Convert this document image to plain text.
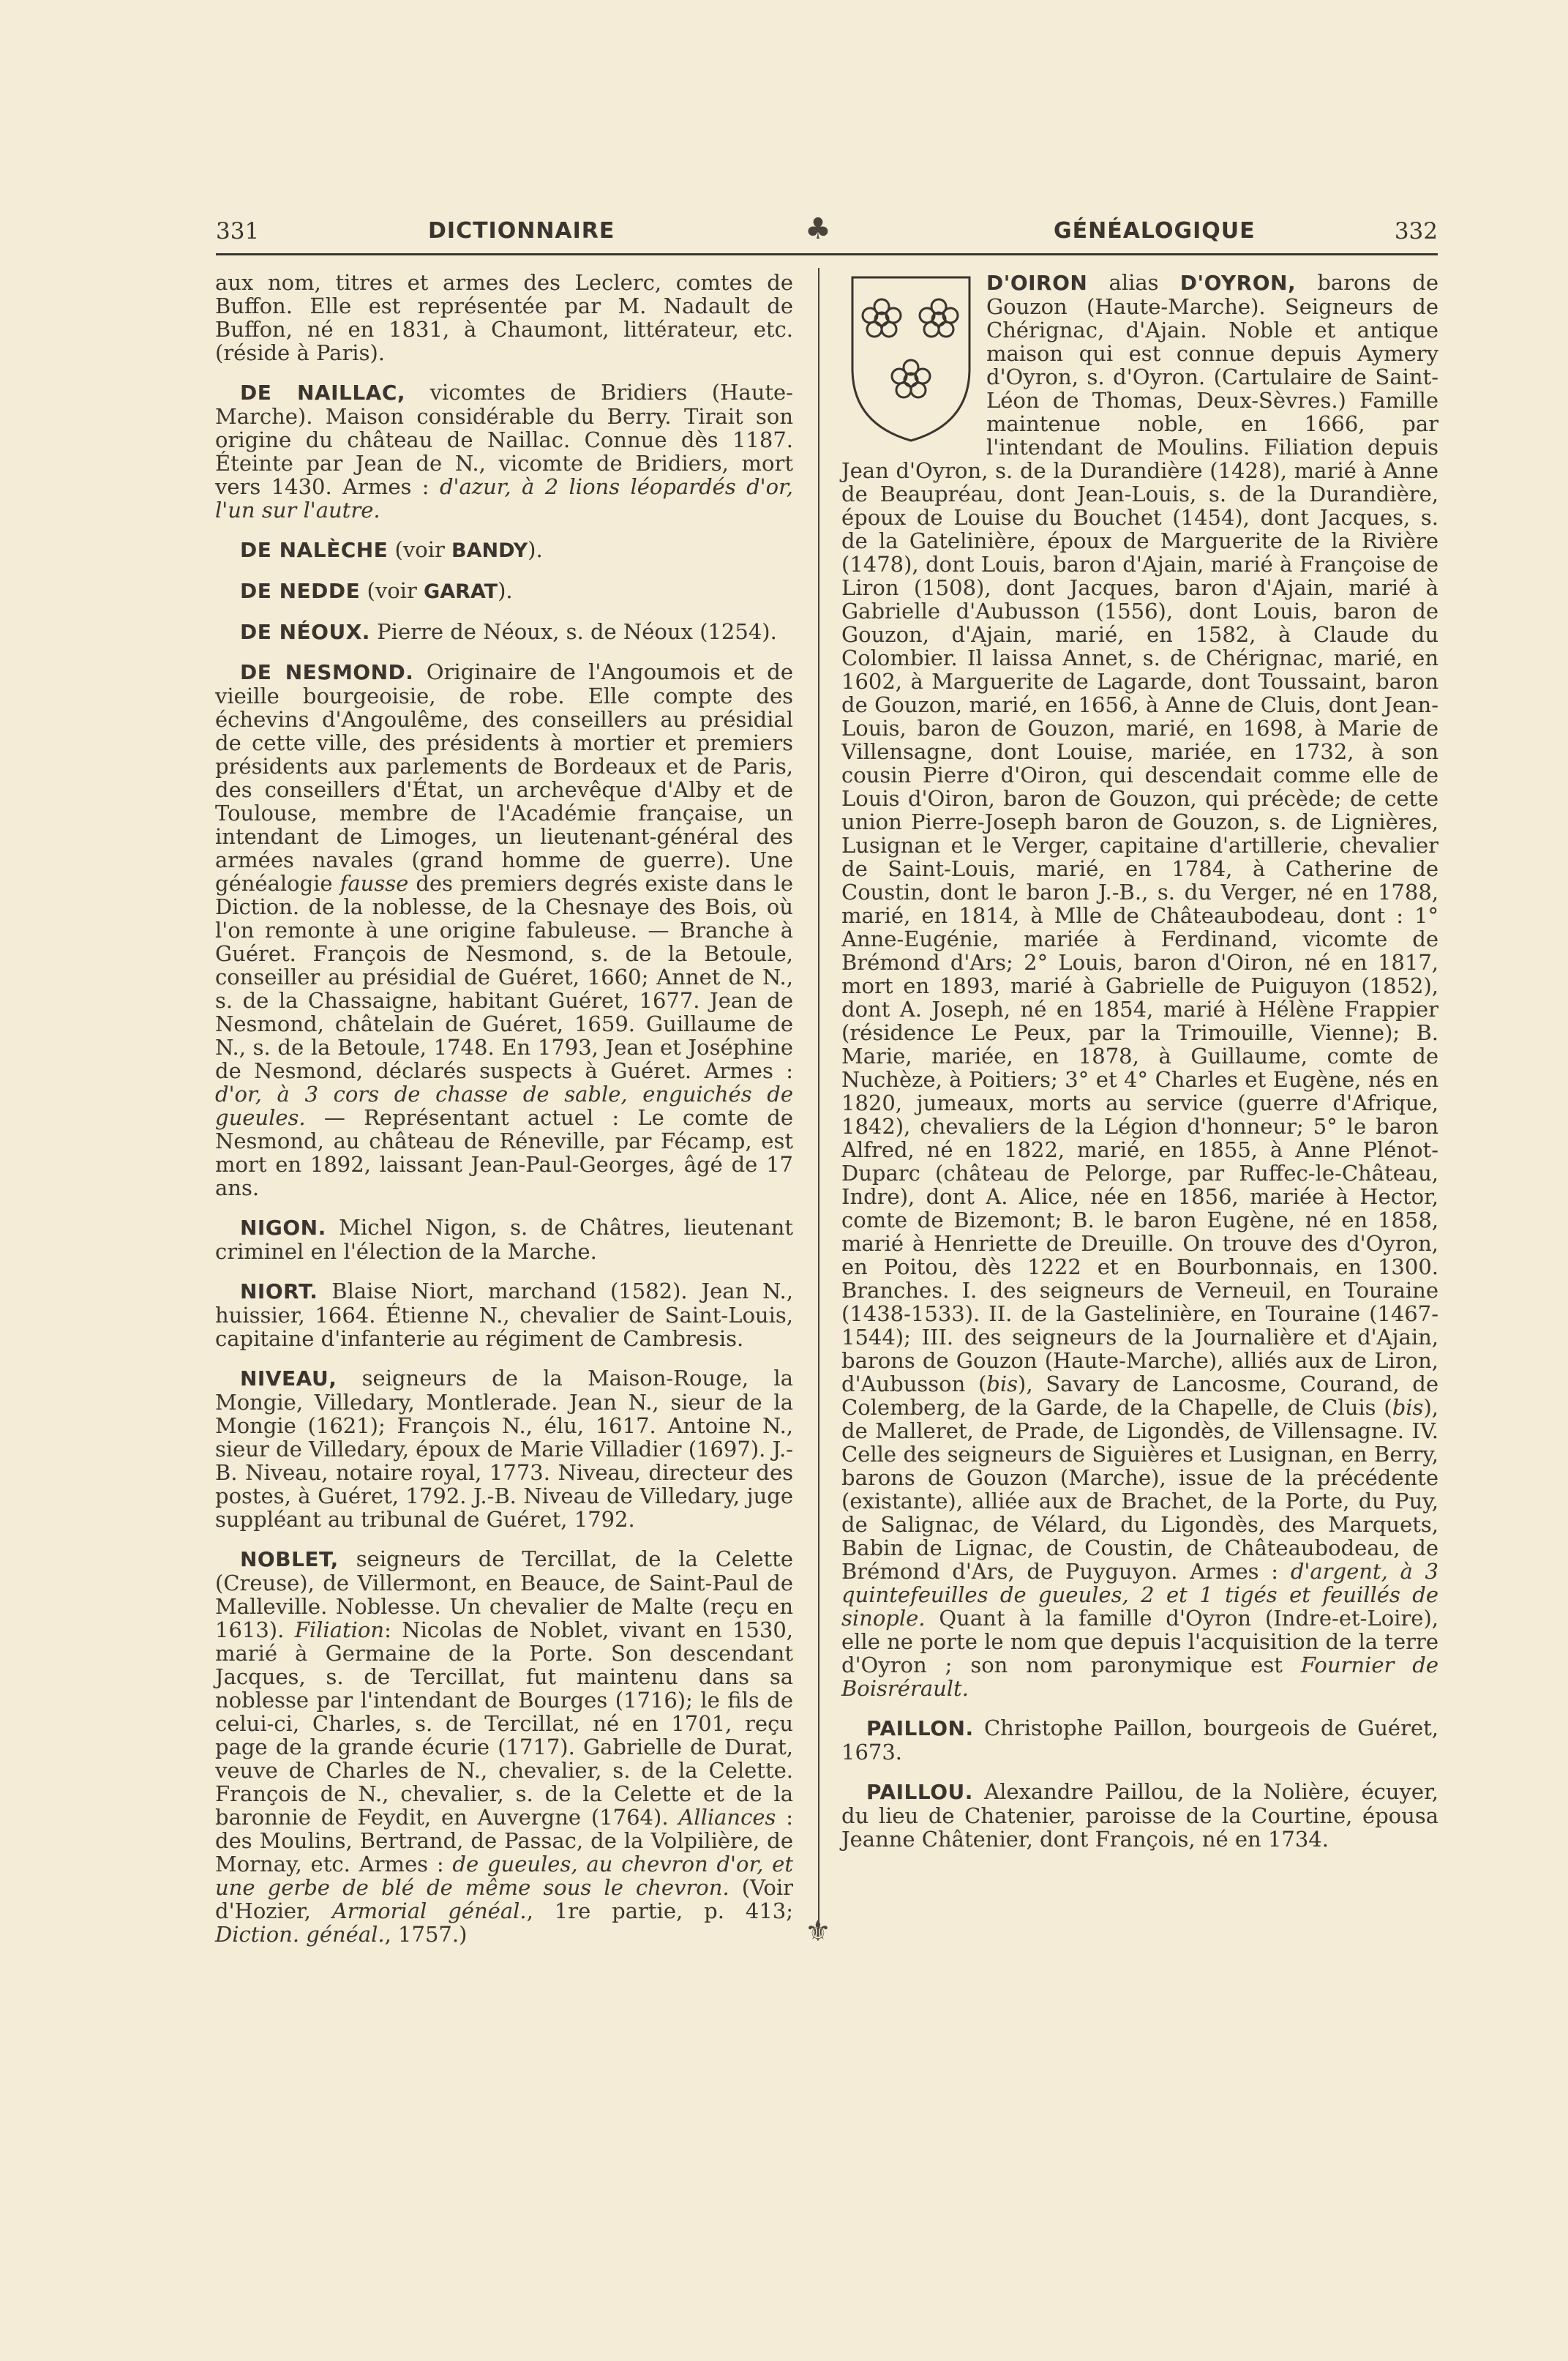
331	DICTIONNAIRE	GÉNÉALOGIQUE	332
♣
⚜

aux nom, titres et armes des Leclerc, comtes de Buffon. Elle est représentée par M. Nadault de Buffon, né en 1831, à Chaumont, littérateur, etc. (réside à Paris).

DE NAILLAC, vicomtes de Bridiers (Haute-Marche). Maison considérable du Berry. Tirait son origine du château de Naillac. Connue dès 1187. Éteinte par Jean de N., vicomte de Bridiers, mort vers 1430. Armes : d'azur, à 2 lions léopardés d'or, l'un sur l'autre.

DE NALÈCHE (voir BANDY).

DE NEDDE (voir GARAT).

DE NÉOUX. Pierre de Néoux, s. de Néoux (1254).

DE NESMOND. Originaire de l'Angoumois et de vieille bourgeoisie, de robe. Elle compte des échevins d'Angoulême, des conseillers au présidial de cette ville, des présidents à mortier et premiers présidents aux parlements de Bordeaux et de Paris, des conseillers d'État, un archevêque d'Alby et de Toulouse, membre de l'Académie française, un intendant de Limoges, un lieutenant-général des armées navales (grand homme de guerre). Une généalogie fausse des premiers degrés existe dans le Diction. de la noblesse, de la Chesnaye des Bois, où l'on remonte à une origine fabuleuse. — Branche à Guéret. François de Nesmond, s. de la Betoule, conseiller au présidial de Guéret, 1660; Annet de N., s. de la Chassaigne, habitant Guéret, 1677. Jean de Nesmond, châtelain de Guéret, 1659. Guillaume de N., s. de la Betoule, 1748. En 1793, Jean et Joséphine de Nesmond, déclarés suspects à Guéret. Armes : d'or, à 3 cors de chasse de sable, enguichés de gueules. — Représentant actuel : Le comte de Nesmond, au château de Réneville, par Fécamp, est mort en 1892, laissant Jean-Paul-Georges, âgé de 17 ans.

NIGON. Michel Nigon, s. de Châtres, lieutenant criminel en l'élection de la Marche.

NIORT. Blaise Niort, marchand (1582). Jean N., huissier, 1664. Étienne N., chevalier de Saint-Louis, capitaine d'infanterie au régiment de Cambresis.

NIVEAU, seigneurs de la Maison-Rouge, la Mongie, Villedary, Montlerade. Jean N., sieur de la Mongie (1621); François N., élu, 1617. Antoine N., sieur de Villedary, époux de Marie Villadier (1697). J.-B. Niveau, notaire royal, 1773. Niveau, directeur des postes, à Guéret, 1792. J.-B. Niveau de Villedary, juge suppléant au tribunal de Guéret, 1792.

NOBLET, seigneurs de Tercillat, de la Celette (Creuse), de Villermont, en Beauce, de Saint-Paul de Malleville. Noblesse. Un chevalier de Malte (reçu en 1613). Filiation: Nicolas de Noblet, vivant en 1530, marié à Germaine de la Porte. Son descendant Jacques, s. de Tercillat, fut maintenu dans sa noblesse par l'intendant de Bourges (1716); le fils de celui-ci, Charles, s. de Tercillat, né en 1701, reçu page de la grande écurie (1717). Gabrielle de Durat, veuve de Charles de N., chevalier, s. de la Celette. François de N., chevalier, s. de la Celette et de la baronnie de Feydit, en Auvergne (1764). Alliances : des Moulins, Bertrand, de Passac, de la Volpilière, de Mornay, etc. Armes : de gueules, au chevron d'or, et une gerbe de blé de même sous le chevron. (Voir d'Hozier, Armorial généal., 1re partie, p. 413; Diction. généal., 1757.)

D'OIRON alias D'OYRON, barons de Gouzon (Haute-Marche). Seigneurs de Chérignac, d'Ajain. Noble et antique maison qui est connue depuis Aymery d'Oyron, s. d'Oyron. (Cartulaire de Saint-Léon de Thomas, Deux-Sèvres.) Famille maintenue noble, en 1666, par l'intendant de Moulins. Filiation depuis Jean d'Oyron, s. de la Durandière (1428), marié à Anne de Beaupréau, dont Jean-Louis, s. de la Durandière, époux de Louise du Bouchet (1454), dont Jacques, s. de la Gatelinière, époux de Marguerite de la Rivière (1478), dont Louis, baron d'Ajain, marié à Françoise de Liron (1508), dont Jacques, baron d'Ajain, marié à Gabrielle d'Aubusson (1556), dont Louis, baron de Gouzon, d'Ajain, marié, en 1582, à Claude du Colombier. Il laissa Annet, s. de Chérignac, marié, en 1602, à Marguerite de Lagarde, dont Toussaint, baron de Gouzon, marié, en 1656, à Anne de Cluis, dont Jean-Louis, baron de Gouzon, marié, en 1698, à Marie de Villensagne, dont Louise, mariée, en 1732, à son cousin Pierre d'Oiron, qui descendait comme elle de Louis d'Oiron, baron de Gouzon, qui précède; de cette union Pierre-Joseph baron de Gouzon, s. de Lignières, Lusignan et le Verger, capitaine d'artillerie, chevalier de Saint-Louis, marié, en 1784, à Catherine de Coustin, dont le baron J.-B., s. du Verger, né en 1788, marié, en 1814, à Mlle de Châteaubodeau, dont : 1° Anne-Eugénie, mariée à Ferdinand, vicomte de Brémond d'Ars; 2° Louis, baron d'Oiron, né en 1817, mort en 1893, marié à Gabrielle de Puiguyon (1852), dont A. Joseph, né en 1854, marié à Hélène Frappier (résidence Le Peux, par la Trimouille, Vienne); B. Marie, mariée, en 1878, à Guillaume, comte de Nuchèze, à Poitiers; 3° et 4° Charles et Eugène, nés en 1820, jumeaux, morts au service (guerre d'Afrique, 1842), chevaliers de la Légion d'honneur; 5° le baron Alfred, né en 1822, marié, en 1855, à Anne Plénot-Duparc (château de Pelorge, par Ruffec-le-Château, Indre), dont A. Alice, née en 1856, mariée à Hector, comte de Bizemont; B. le baron Eugène, né en 1858, marié à Henriette de Dreuille. On trouve des d'Oyron, en Poitou, dès 1222 et en Bourbonnais, en 1300. Branches. I. des seigneurs de Verneuil, en Touraine (1438-1533). II. de la Gastelinière, en Touraine (1467-1544); III. des seigneurs de la Journalière et d'Ajain, barons de Gouzon (Haute-Marche), alliés aux de Liron, d'Aubusson (bis), Savary de Lancosme, Courand, de Colemberg, de la Garde, de la Chapelle, de Cluis (bis), de Malleret, de Prade, de Ligondès, de Villensagne. IV. Celle des seigneurs de Siguières et Lusignan, en Berry, barons de Gouzon (Marche), issue de la précédente (existante), alliée aux de Brachet, de la Porte, du Puy, de Salignac, de Vélard, du Ligondès, des Marquets, Babin de Lignac, de Coustin, de Châteaubodeau, de Brémond d'Ars, de Puyguyon. Armes : d'argent, à 3 quintefeuilles de gueules, 2 et 1 tigés et feuillés de sinople. Quant à la famille d'Oyron (Indre-et-Loire), elle ne porte le nom que depuis l'acquisition de la terre d'Oyron ; son nom paronymique est Fournier de Boisrérault.

PAILLON. Christophe Paillon, bourgeois de Guéret, 1673.

PAILLOU. Alexandre Paillou, de la Nolière, écuyer, du lieu de Chatenier, paroisse de la Courtine, épousa Jeanne Châtenier, dont François, né en 1734.
